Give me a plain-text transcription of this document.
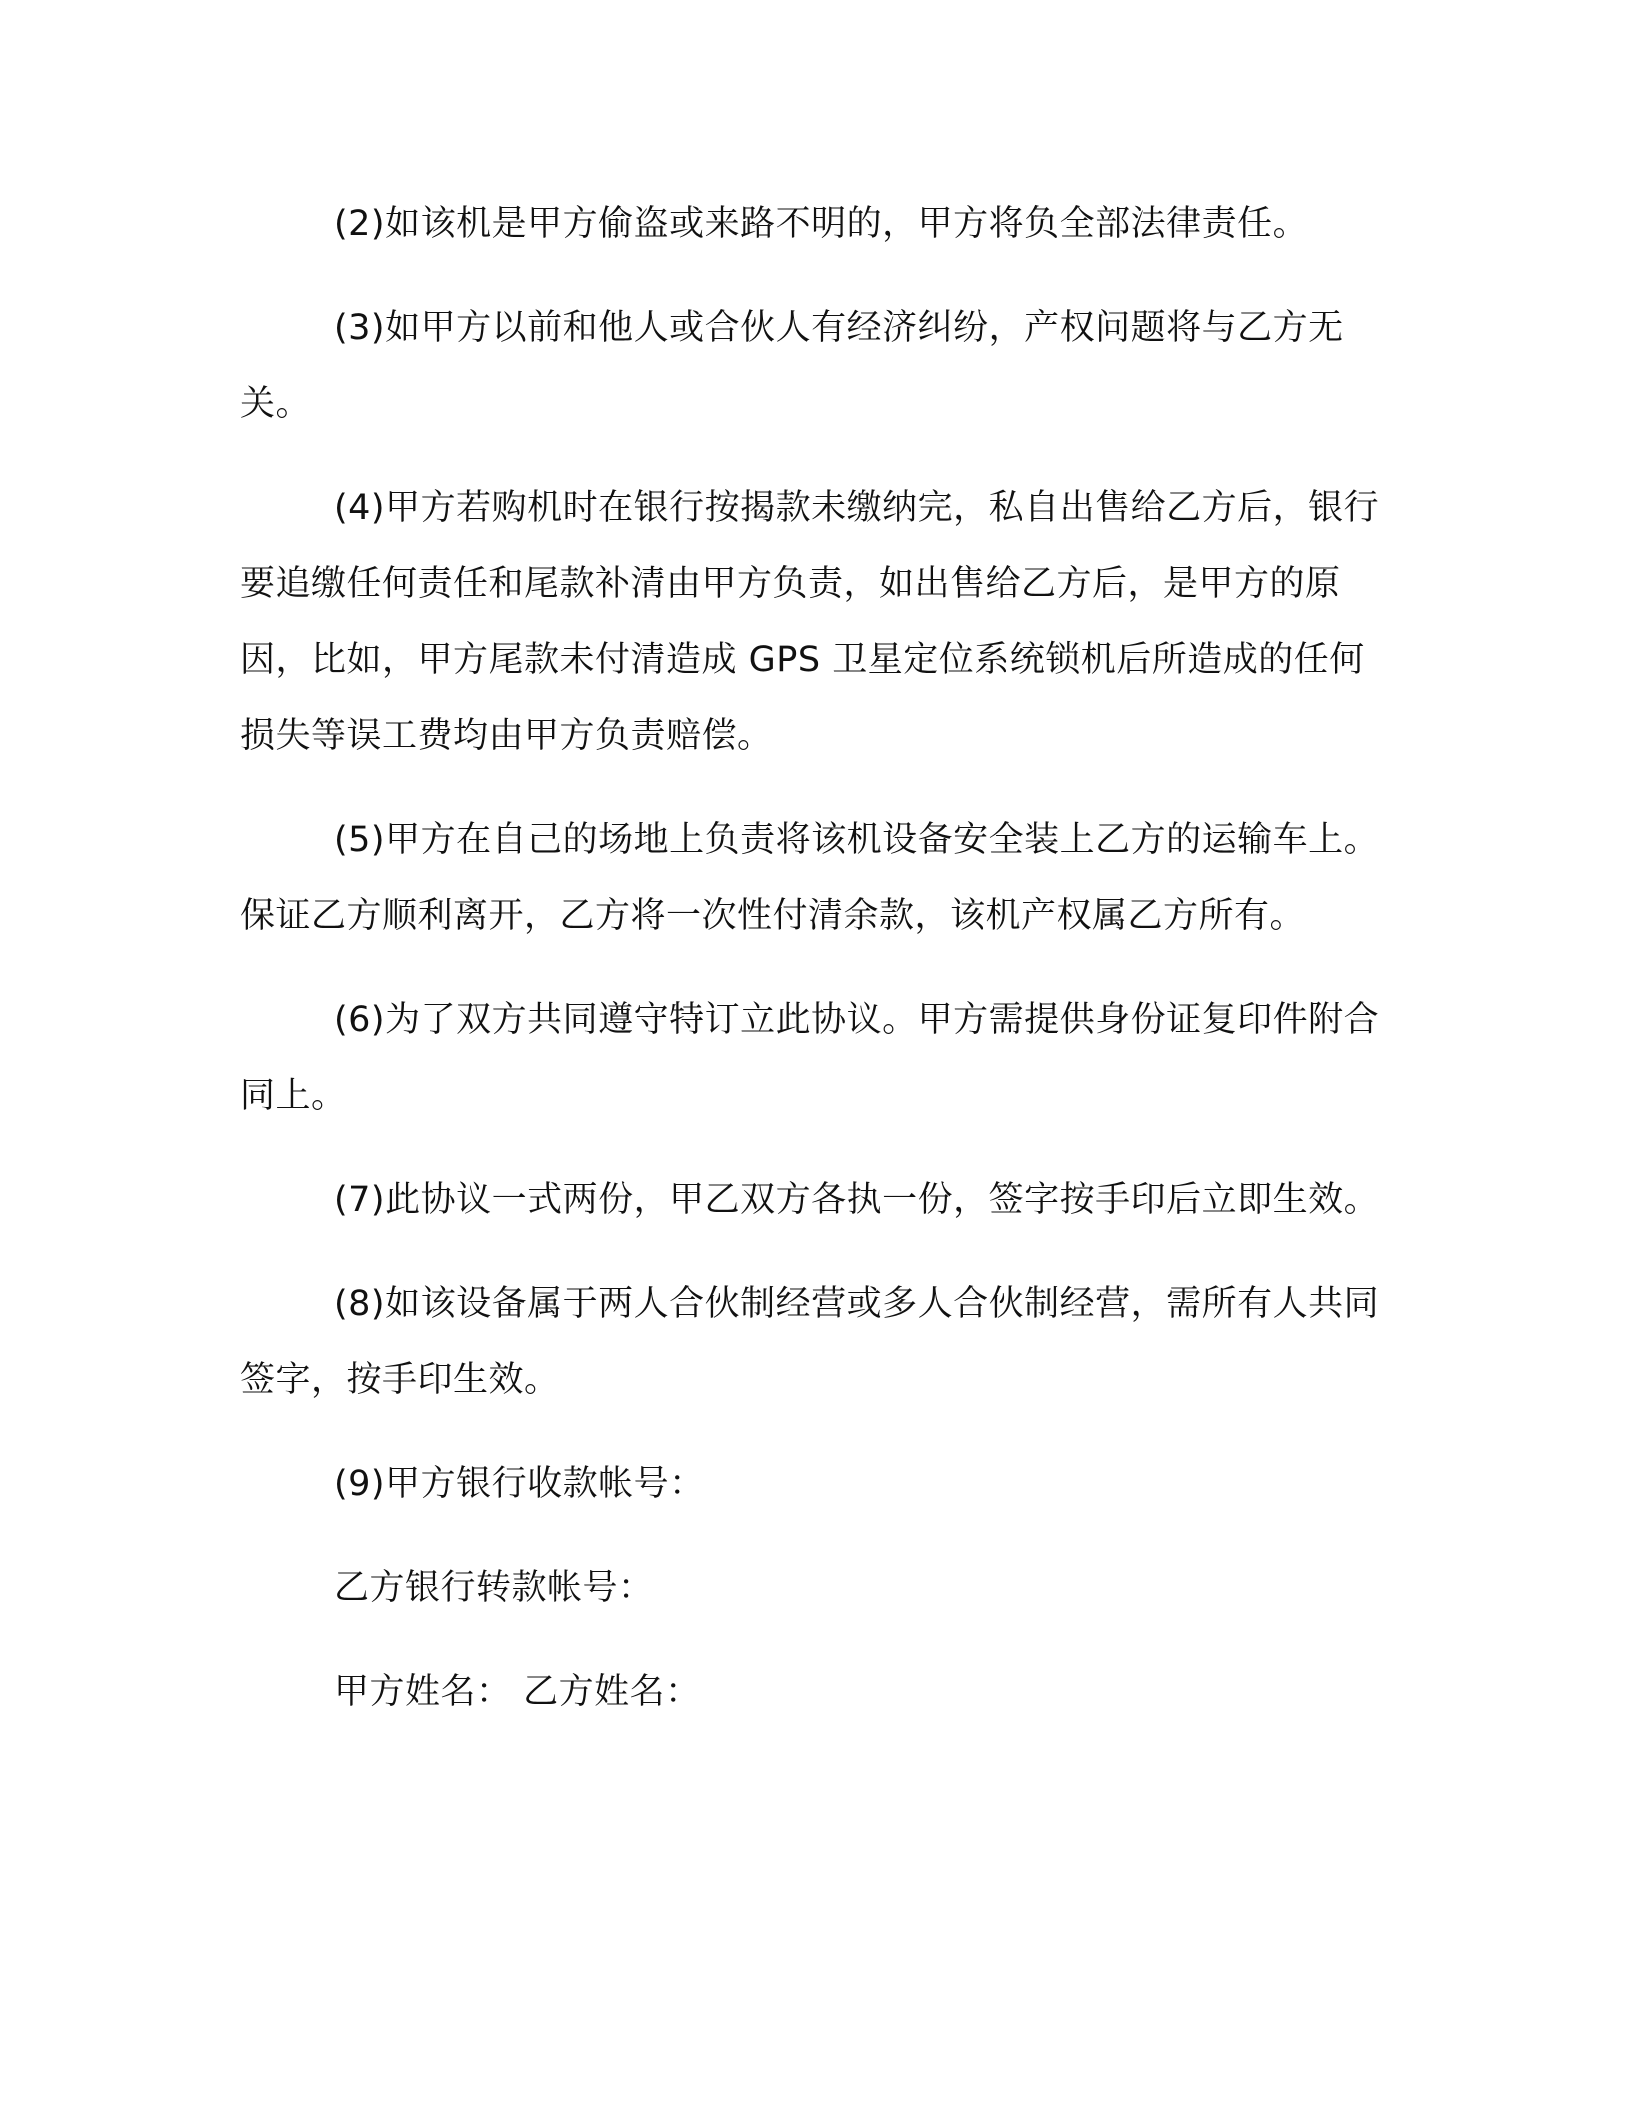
(2)如该机是甲方偷盗或来路不明的，甲方将负全部法律责任。

(3)如甲方以前和他人或合伙人有经济纠纷，产权问题将与乙方无关。

(4)甲方若购机时在银行按揭款未缴纳完，私自出售给乙方后，银行要追缴任何责任和尾款补清由甲方负责，如出售给乙方后，是甲方的原因，比如，甲方尾款未付清造成 GPS 卫星定位系统锁机后所造成的任何损失等误工费均由甲方负责赔偿。

(5)甲方在自己的场地上负责将该机设备安全装上乙方的运输车上。保证乙方顺利离开，乙方将一次性付清余款，该机产权属乙方所有。

(6)为了双方共同遵守特订立此协议。甲方需提供身份证复印件附合同上。

(7)此协议一式两份，甲乙双方各执一份，签字按手印后立即生效。

(8)如该设备属于两人合伙制经营或多人合伙制经营，需所有人共同签字，按手印生效。

(9)甲方银行收款帐号：

乙方银行转款帐号：

甲方姓名： 乙方姓名：
